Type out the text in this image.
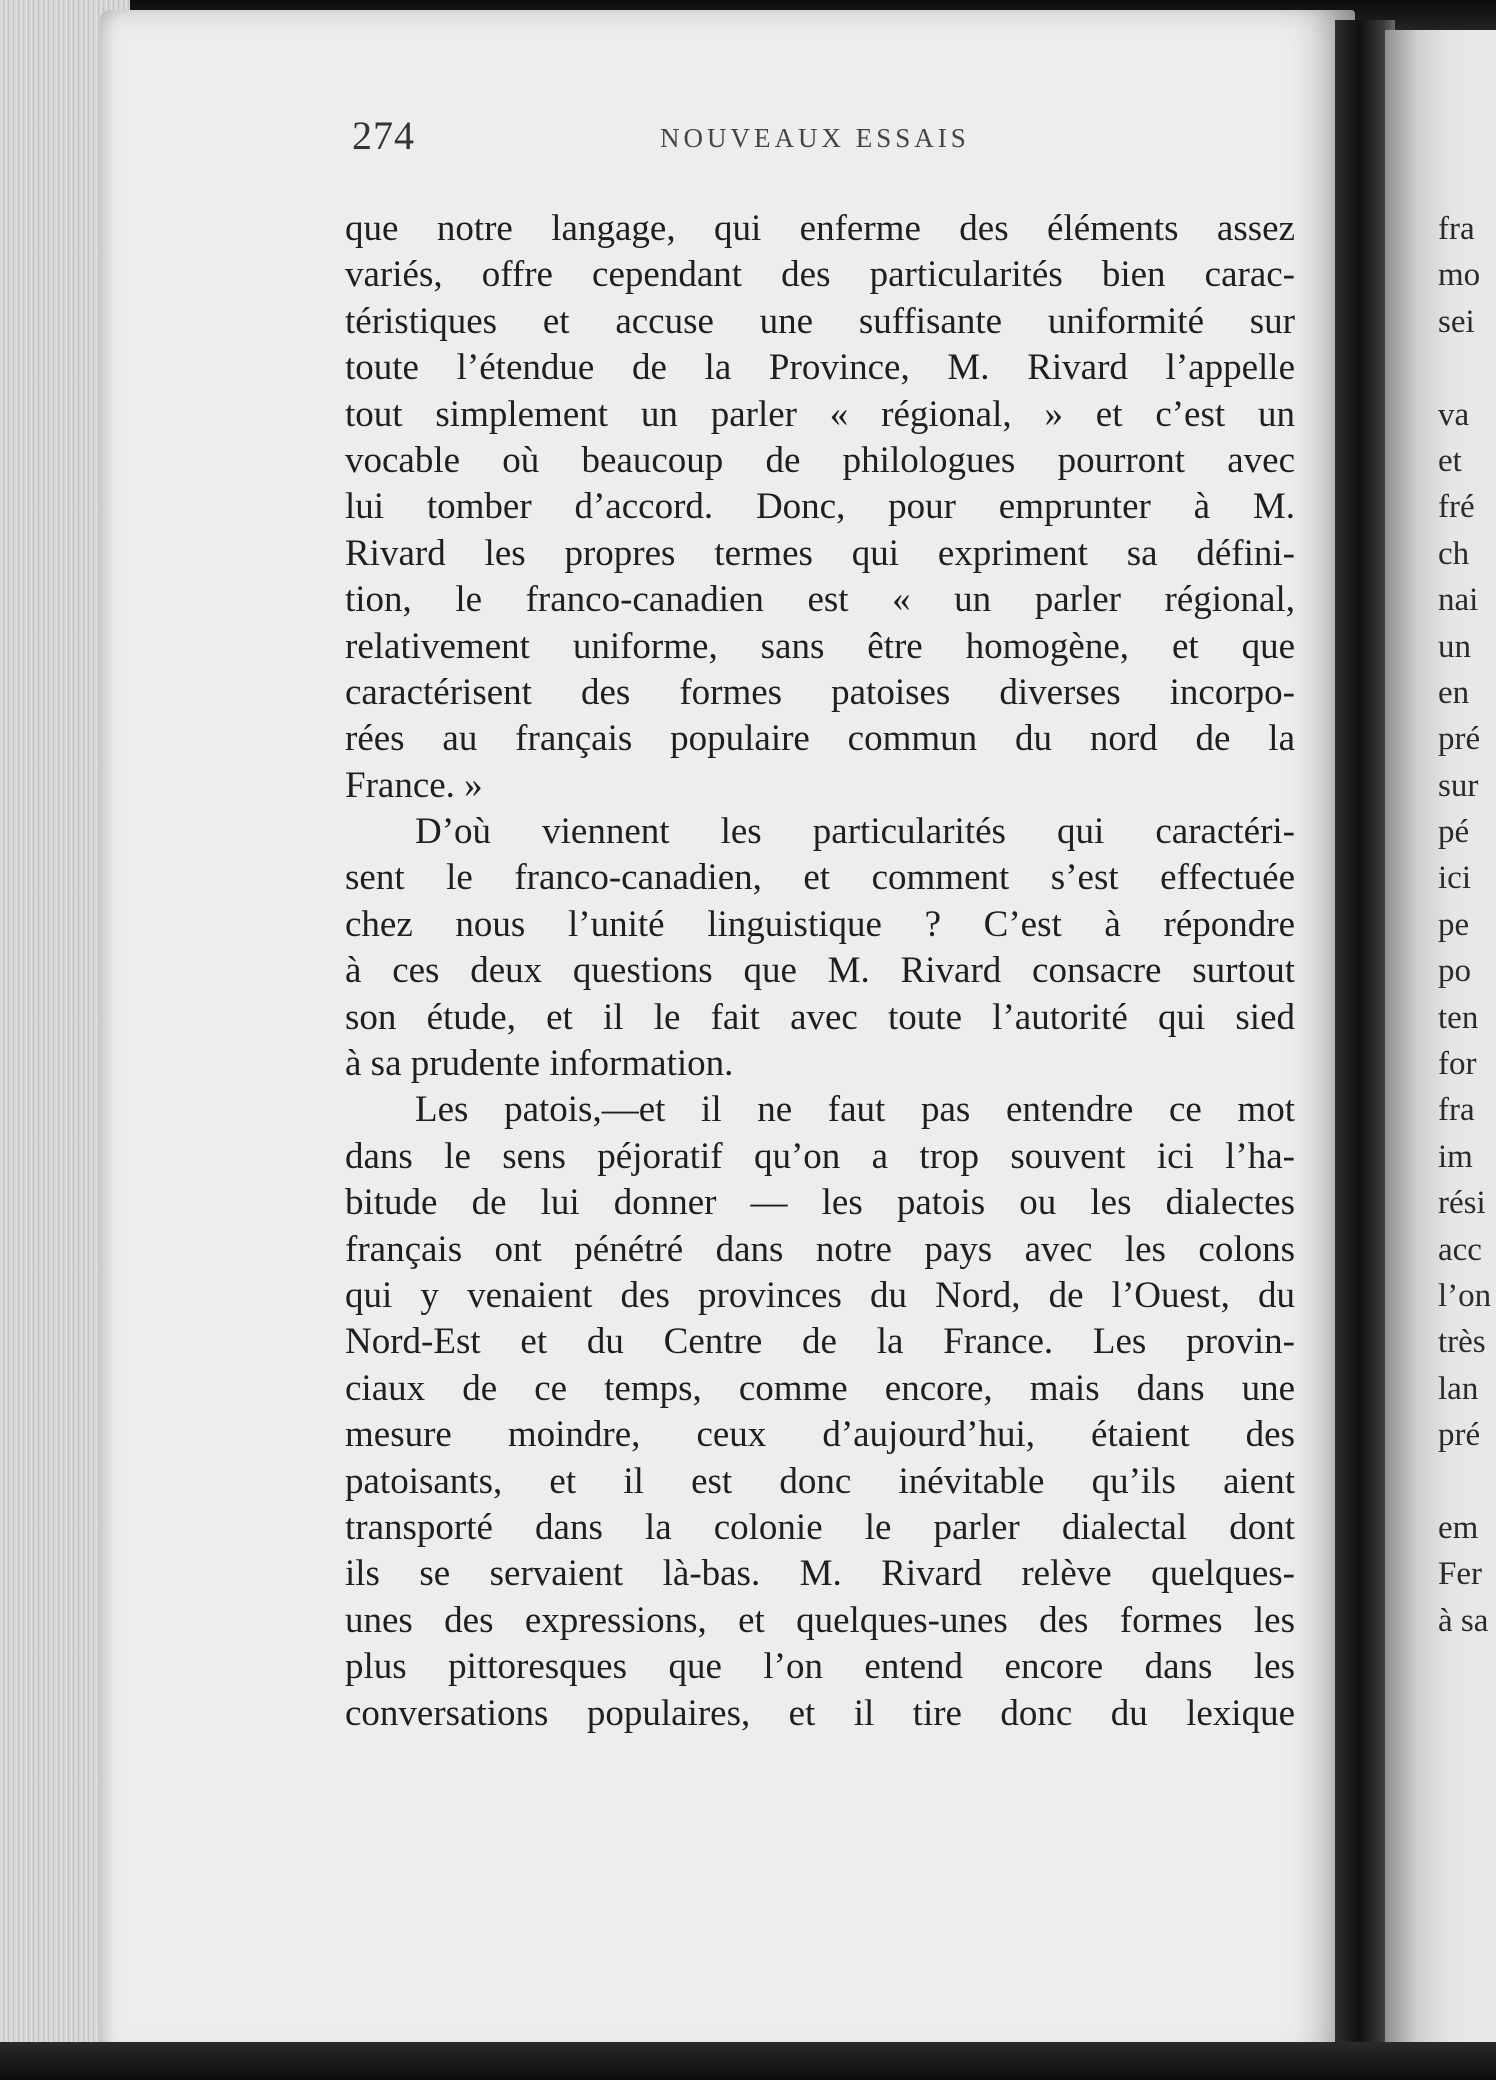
274	NOUVEAUX ESSAIS
que notre langage, qui enferme des éléments assez
variés, offre cependant des particularités bien carac-
téristiques et accuse une suffisante uniformité sur
toute l’étendue de la Province, M. Rivard l’appelle
tout simplement un parler « régional, » et c’est un
vocable où beaucoup de philologues pourront avec
lui tomber d’accord. Donc, pour emprunter à M.
Rivard les propres termes qui expriment sa défini-
tion, le franco-canadien est « un parler régional,
relativement uniforme, sans être homogène, et que
caractérisent des formes patoises diverses incorpo-
rées au français populaire commun du nord de la
France. »
D’où viennent les particularités qui caractéri-
sent le franco-canadien, et comment s’est effectuée
chez nous l’unité linguistique ? C’est à répondre
à ces deux questions que M. Rivard consacre surtout
son étude, et il le fait avec toute l’autorité qui sied
à sa prudente information.
Les patois,—et il ne faut pas entendre ce mot
dans le sens péjoratif qu’on a trop souvent ici l’ha-
bitude de lui donner — les patois ou les dialectes
français ont pénétré dans notre pays avec les colons
qui y venaient des provinces du Nord, de l’Ouest, du
Nord-Est et du Centre de la France. Les provin-
ciaux de ce temps, comme encore, mais dans une
mesure moindre, ceux d’aujourd’hui, étaient des
patoisants, et il est donc inévitable qu’ils aient
transporté dans la colonie le parler dialectal dont
ils se servaient là-bas. M. Rivard relève quelques-
unes des expressions, et quelques-unes des formes les
plus pittoresques que l’on entend encore dans les
conversations populaires, et il tire donc du lexique
fra
mo
sei
va
et
fré
ch
nai
un
en
pré
sur
pé
ici
pe
po
ten
for
fra
im
rési
acc
l’on
très
lan
pré
em
Fer
à sa
